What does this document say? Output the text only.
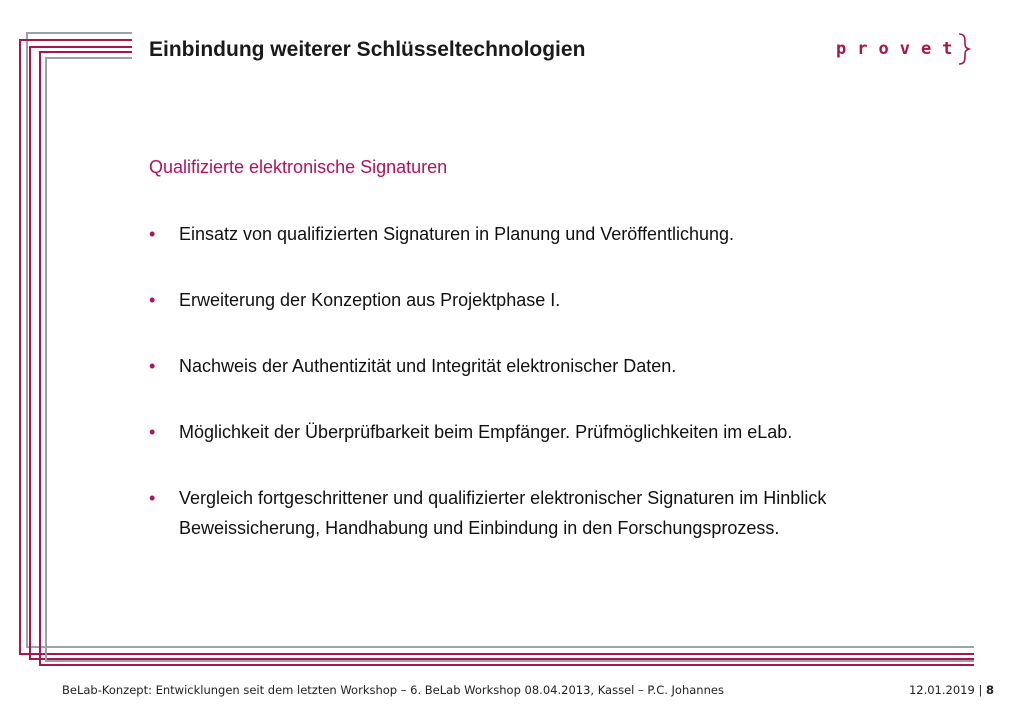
Einbindung weiterer Schlüsseltechnologien	provet
Qualifizierte elektronische Signaturen
• Einsatz von qualifizierten Signaturen in Planung und Veröffentlichung.
• Erweiterung der Konzeption aus Projektphase I.
• Nachweis der Authentizität und Integrität elektronischer Daten.
• Möglichkeit der Überprüfbarkeit beim Empfänger. Prüfmöglichkeiten im eLab.
• Vergleich fortgeschrittener und qualifizierter elektronischer Signaturen im Hinblick Beweissicherung, Handhabung und Einbindung in den Forschungsprozess.
BeLab-Konzept: Entwicklungen seit dem letzten Workshop – 6. BeLab Workshop 08.04.2013, Kassel – P.C. Johannes	12.01.2019 | 8
